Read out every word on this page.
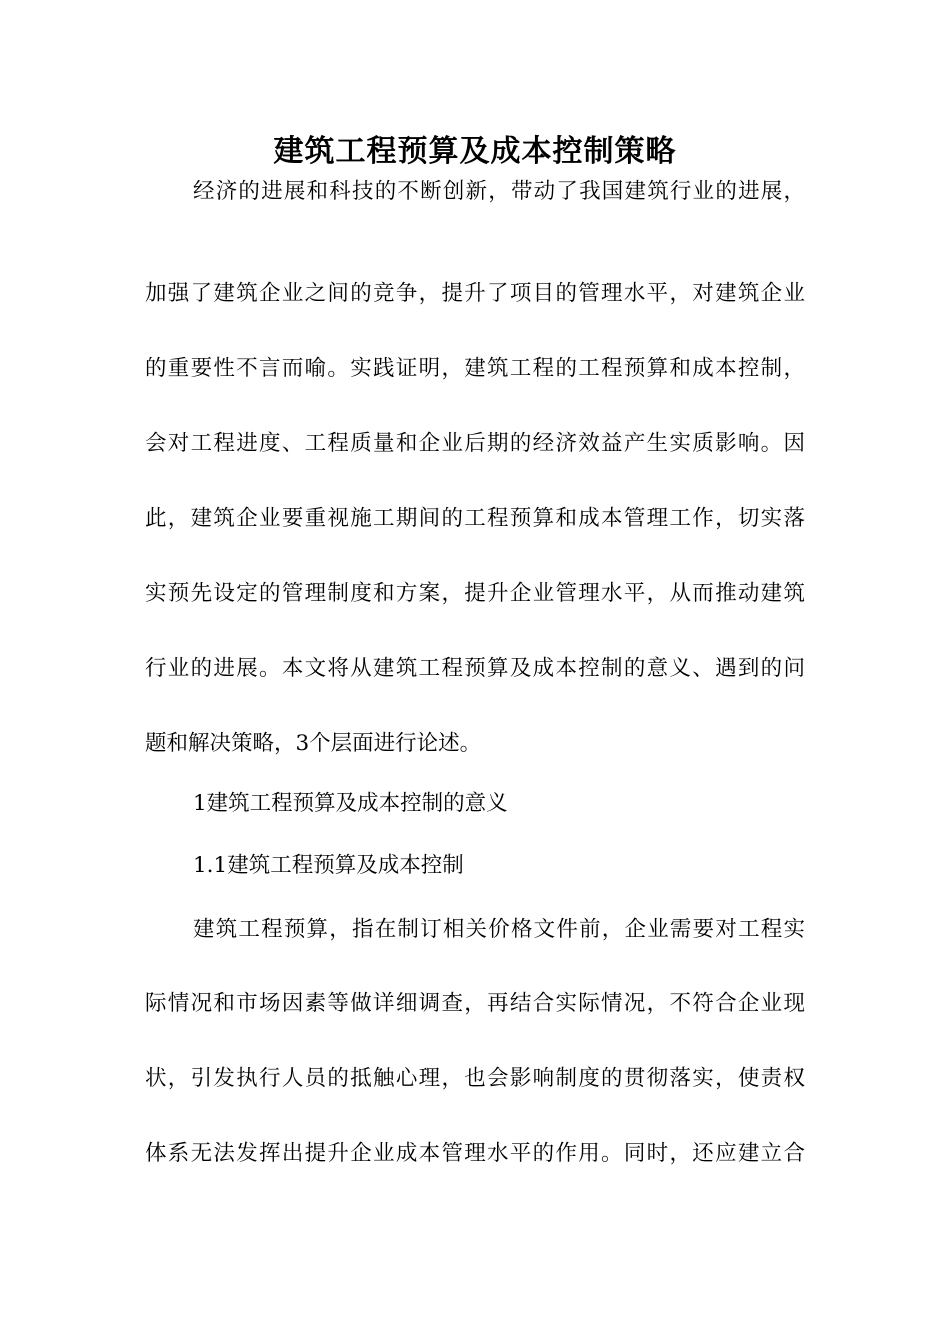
建筑工程预算及成本控制策略
经济的进展和科技的不断创新，带动了我国建筑行业的进展，
加强了建筑企业之间的竞争，提升了项目的管理水平，对建筑企业
的重要性不言而喻。实践证明，建筑工程的工程预算和成本控制，
会对工程进度、工程质量和企业后期的经济效益产生实质影响。因
此，建筑企业要重视施工期间的工程预算和成本管理工作，切实落
实预先设定的管理制度和方案，提升企业管理水平，从而推动建筑
行业的进展。本文将从建筑工程预算及成本控制的意义、遇到的问
题和解决策略，3个层面进行论述。
1建筑工程预算及成本控制的意义
1.1建筑工程预算及成本控制
建筑工程预算，指在制订相关价格文件前，企业需要对工程实
际情况和市场因素等做详细调查，再结合实际情况，不符合企业现
状，引发执行人员的抵触心理，也会影响制度的贯彻落实，使责权
体系无法发挥出提升企业成本管理水平的作用。同时，还应建立合
